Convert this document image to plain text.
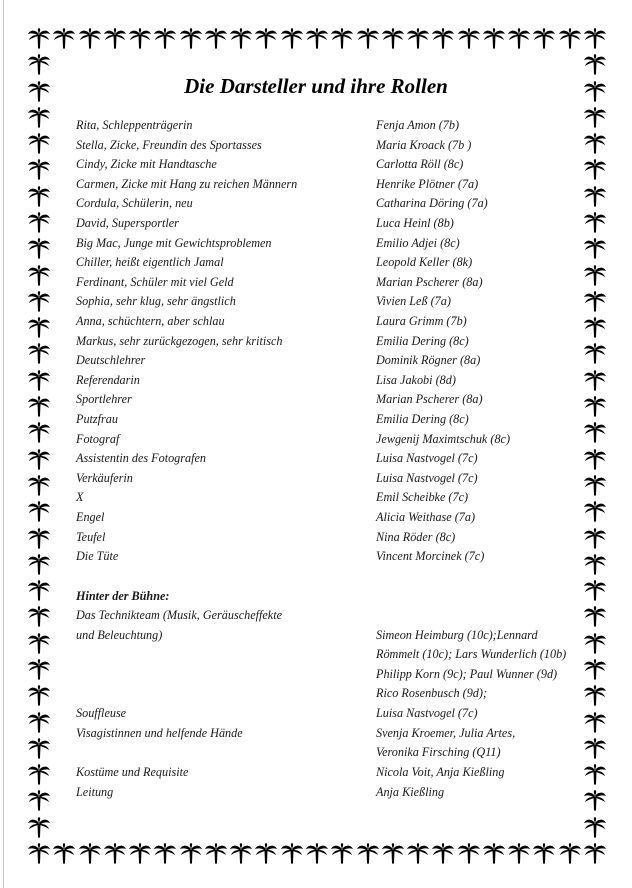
Die Darsteller und ihre Rollen
Rita, Schleppenträgerin	Fenja Amon (7b)
Stella, Zicke, Freundin des Sportasses	Maria Kroack (7b )
Cindy, Zicke mit Handtasche	Carlotta Röll (8c)
Carmen, Zicke mit Hang zu reichen Männern	Henrike Plötner (7a)
Cordula, Schülerin, neu	Catharina Döring (7a)
David, Supersportler	Luca Heinl (8b)
Big Mac, Junge mit Gewichtsproblemen	Emilio Adjei (8c)
Chiller, heißt eigentlich Jamal	Leopold Keller (8k)
Ferdinant, Schüler mit viel Geld	Marian Pscherer (8a)
Sophia, sehr klug, sehr ängstlich	Vivien Leß (7a)
Anna, schüchtern, aber schlau	Laura Grimm (7b)
Markus, sehr zurückgezogen, sehr kritisch	Emilia Dering (8c)
Deutschlehrer	Dominik Rögner (8a)
Referendarin	Lisa Jakobi (8d)
Sportlehrer	Marian Pscherer (8a)
Putzfrau	Emilia Dering (8c)
Fotograf	Jewgenij Maximtschuk (8c)
Assistentin des Fotografen	Luisa Nastvogel (7c)
Verkäuferin	Luisa Nastvogel (7c)
X	Emil Scheibke (7c)
Engel	Alicia Weithase (7a)
Teufel	Nina Röder (8c)
Die Tüte	Vincent Morcinek (7c)
Hinter der Bühne:
Das Technikteam (Musik, Geräuscheffekte
und Beleuchtung)	Simeon Heimburg (10c);Lennard
Römmelt (10c); Lars Wunderlich (10b)
Philipp Korn (9c); Paul Wunner (9d)
Rico Rosenbusch (9d);
Souffleuse	Luisa Nastvogel (7c)
Visagistinnen und helfende Hände	Svenja Kroemer, Julia Artes,
Veronika Firsching (Q11)
Kostüme und Requisite	Nicola Voit, Anja Kießling
Leitung	Anja Kießling
